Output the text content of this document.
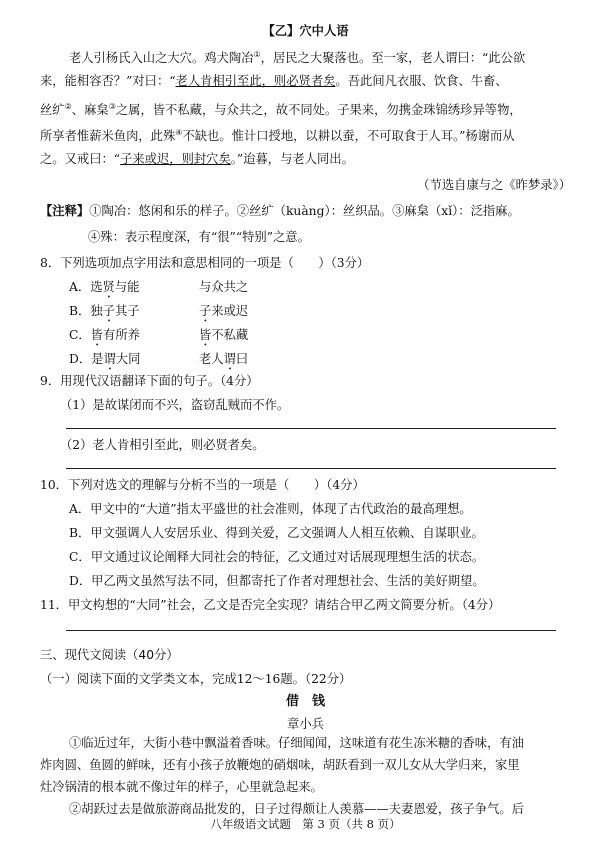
【乙】穴中人语
老人引杨氏入山之大穴。鸡犬陶冶①，居民之大聚落也。至一家，老人谓曰：“此公欲
来，能相容否？”对曰：“老人肯相引至此，则必贤者矣。吾此间凡衣服、饮食、牛畜、
丝纩②、麻枲③之属，皆不私藏，与众共之，故不同处。子果来，勿携金珠锦绣珍异等物，
所享者惟薪米鱼肉，此殊④不缺也。惟计口授地，以耕以蚕，不可取食于人耳。”杨谢而从
之。又戒曰：“子来或迟，则封穴矣。”迨暮，与老人同出。
（节选自康与之《昨梦录》）
【注释】①陶冶：悠闲和乐的样子。②丝纩（kuàng）：丝织品。③麻枲（xǐ）：泛指麻。
④殊：表示程度深，有“很”“特别”之意。
8．下列选项加点字用法和意思相同的一项是（　　）（3分）
A．选贤与能	与众共之
B．独子其子	子来或迟
C．皆有所养	皆不私藏
D．是谓大同	老人谓曰
9．用现代汉语翻译下面的句子。（4分）
（1）是故谋闭而不兴，盗窃乱贼而不作。
（2）老人肯相引至此，则必贤者矣。
10．下列对选文的理解与分析不当的一项是（　　）（4分）
A．甲文中的“大道”指太平盛世的社会准则，体现了古代政治的最高理想。
B．甲文强调人人安居乐业、得到关爱，乙文强调人人相互依赖、自谋职业。
C．甲文通过议论阐释大同社会的特征，乙文通过对话展现理想生活的状态。
D．甲乙两文虽然写法不同，但都寄托了作者对理想社会、生活的美好期望。
11．甲文构想的“大同”社会，乙文是否完全实现？请结合甲乙两文简要分析。（4分）
三、现代文阅读（40分）
（一）阅读下面的文学类文本，完成12～16题。（22分）
借　钱
章小兵
①临近过年，大街小巷中飘溢着香味。仔细闻闻，这味道有花生冻米糖的香味，有油
炸肉圆、鱼圆的鲜味，还有小孩子放鞭炮的硝烟味，胡跃看到一双儿女从大学归来，家里
灶冷锅清的根本就不像过年的样子，心里就急起来。
八年级语文试题　第 3 页（共 8 页）
②胡跃过去是做旅游商品批发的，日子过得颇让人羡慕——夫妻恩爱，孩子争气。后
